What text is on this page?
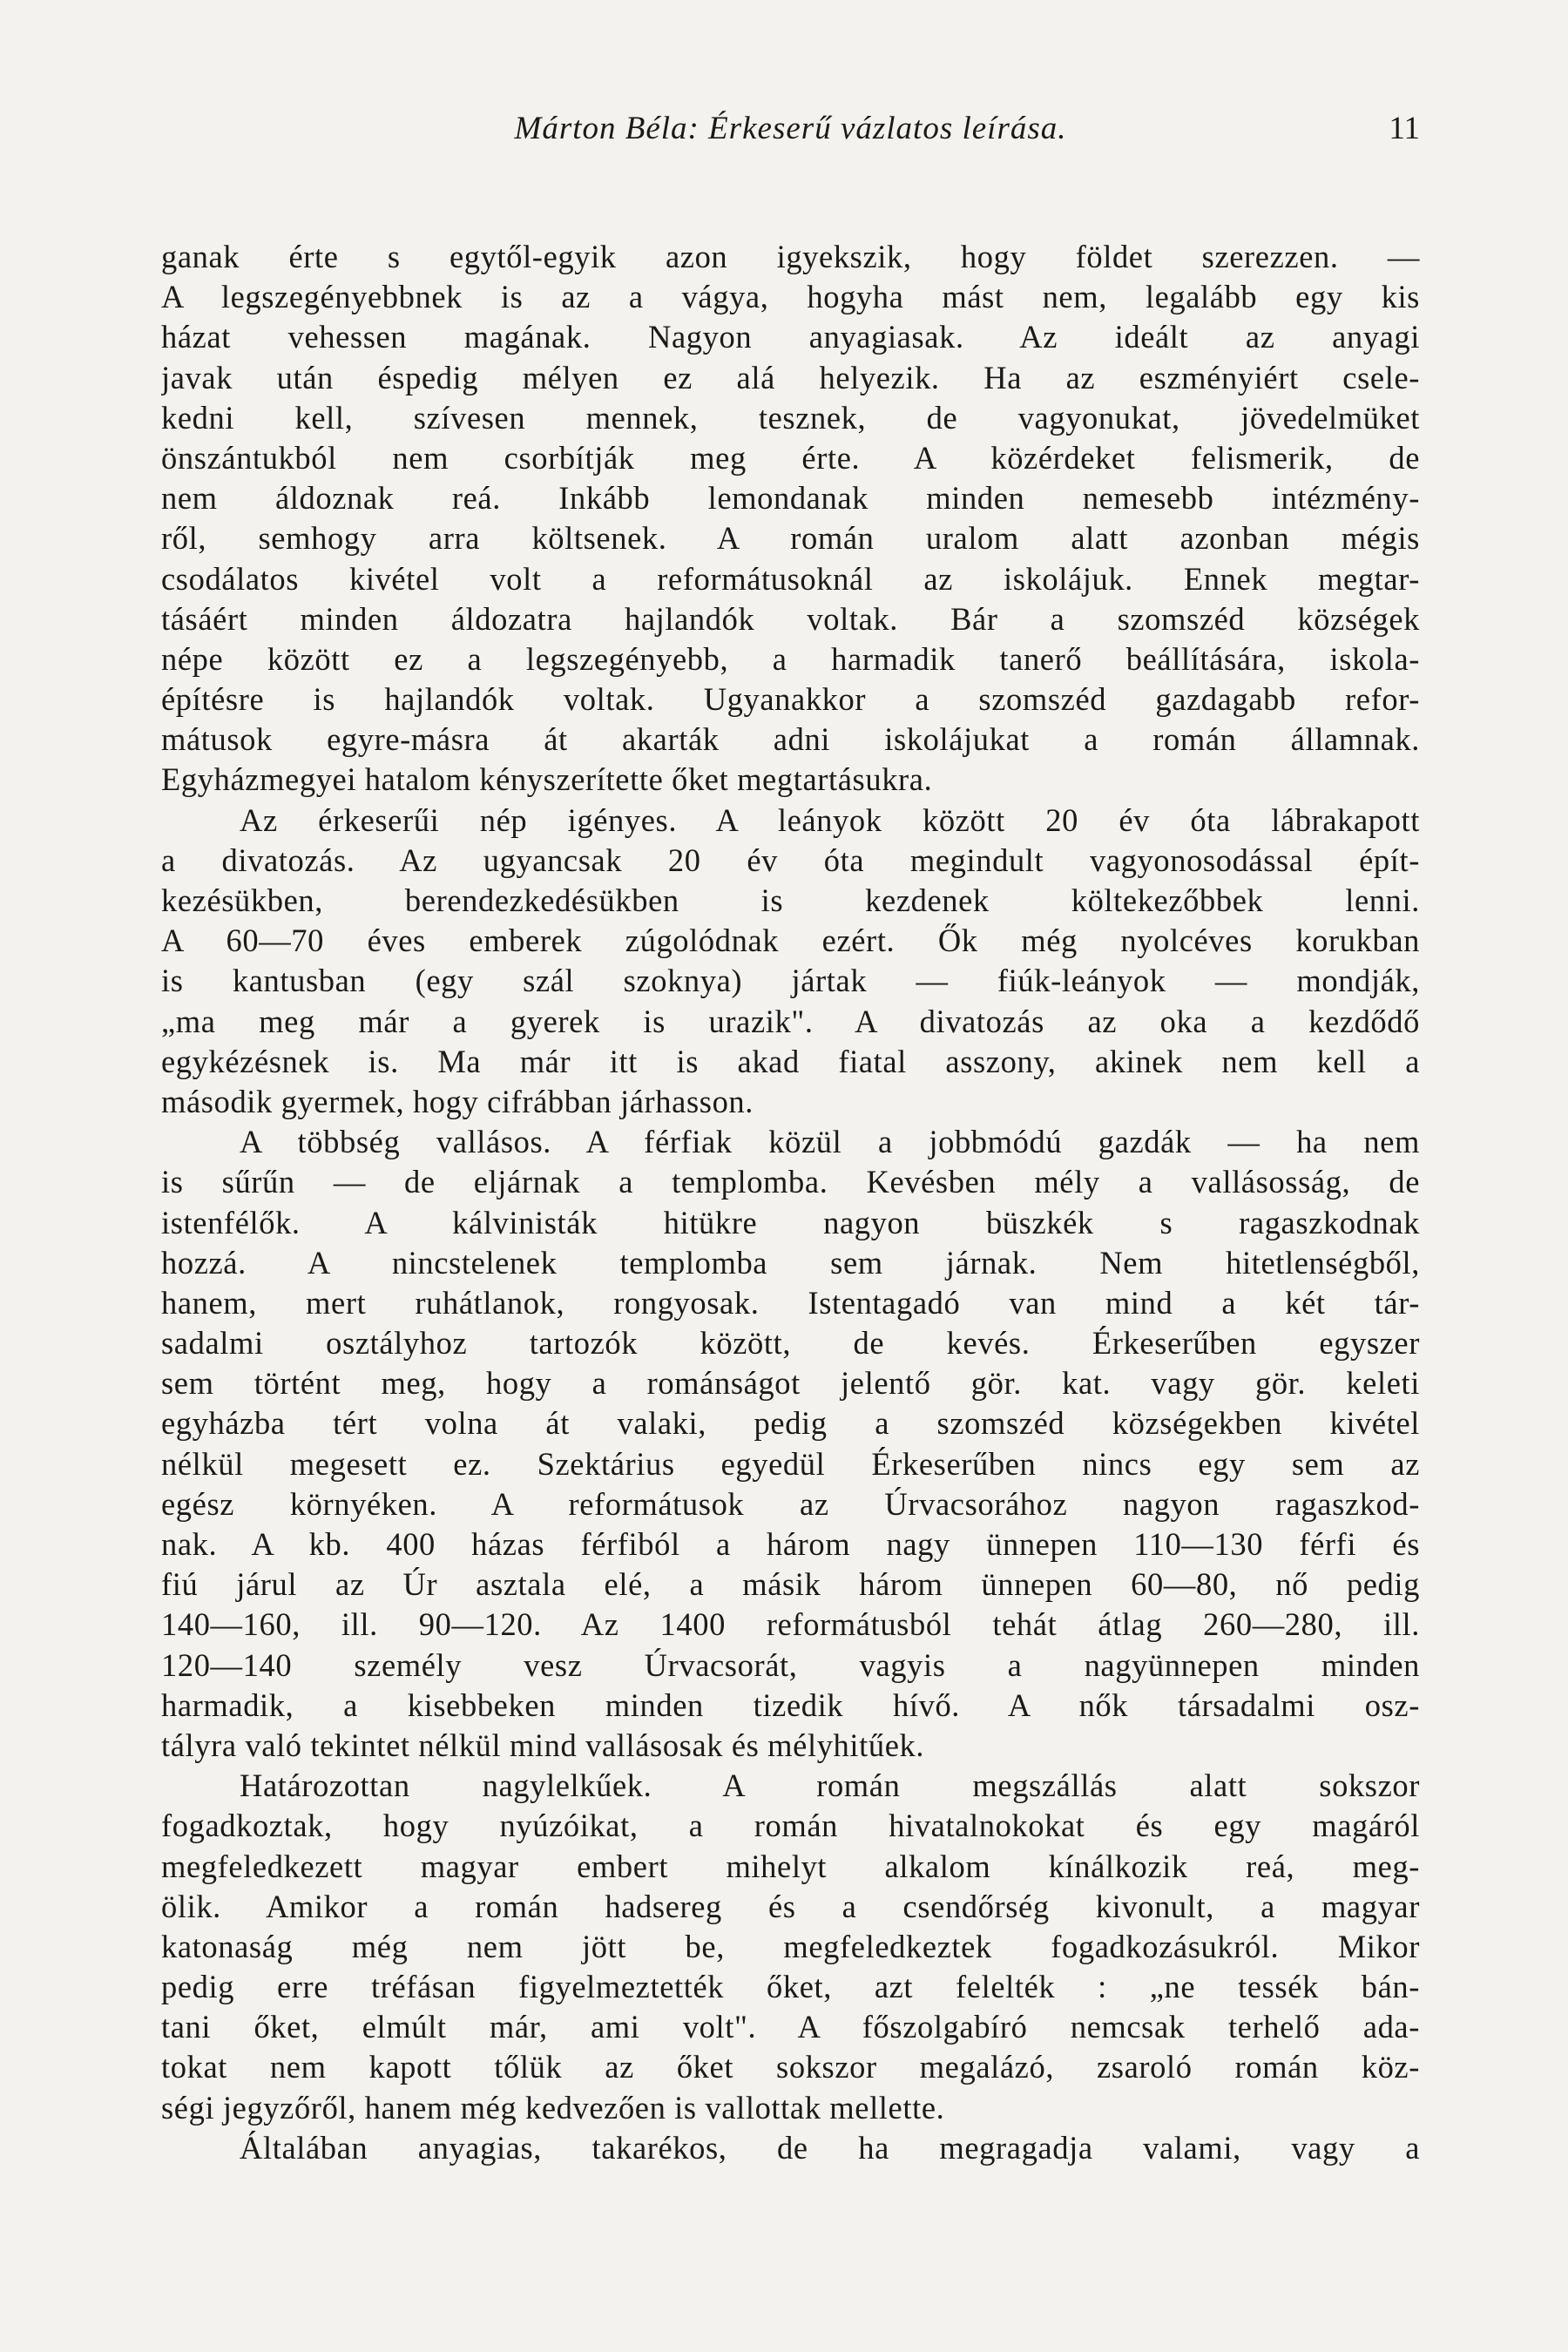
Márton Béla: Érkeserű vázlatos leírása.	11
ganak érte s egytől-egyik azon igyekszik, hogy földet szerezzen. —
A legszegényebbnek is az a vágya, hogyha mást nem, legalább egy kis
házat vehessen magának. Nagyon anyagiasak. Az ideált az anyagi
javak után éspedig mélyen ez alá helyezik. Ha az eszményiért csele-
kedni kell, szívesen mennek, tesznek, de vagyonukat, jövedelmüket
önszántukból nem csorbítják meg érte. A közérdeket felismerik, de
nem áldoznak reá. Inkább lemondanak minden nemesebb intézmény-
ről, semhogy arra költsenek. A román uralom alatt azonban mégis
csodálatos kivétel volt a reformátusoknál az iskolájuk. Ennek megtar-
tásáért minden áldozatra hajlandók voltak. Bár a szomszéd községek
népe között ez a legszegényebb, a harmadik tanerő beállítására, iskola-
építésre is hajlandók voltak. Ugyanakkor a szomszéd gazdagabb refor-
mátusok egyre-másra át akarták adni iskolájukat a román államnak.
Egyházmegyei hatalom kényszerítette őket megtartásukra.
Az érkeserűi nép igényes. A leányok között 20 év óta lábrakapott
a divatozás. Az ugyancsak 20 év óta megindult vagyonosodással épít-
kezésükben, berendezkedésükben is kezdenek költekezőbbek lenni.
A 60—70 éves emberek zúgolódnak ezért. Ők még nyolcéves korukban
is kantusban (egy szál szoknya) jártak — fiúk-leányok — mondják,
„ma meg már a gyerek is urazik". A divatozás az oka a kezdődő
egykézésnek is. Ma már itt is akad fiatal asszony, akinek nem kell a
második gyermek, hogy cifrábban járhasson.
A többség vallásos. A férfiak közül a jobbmódú gazdák — ha nem
is sűrűn — de eljárnak a templomba. Kevésben mély a vallásosság, de
istenfélők. A kálvinisták hitükre nagyon büszkék s ragaszkodnak
hozzá. A nincstelenek templomba sem járnak. Nem hitetlenségből,
hanem, mert ruhátlanok, rongyosak. Istentagadó van mind a két tár-
sadalmi osztályhoz tartozók között, de kevés. Érkeserűben egyszer
sem történt meg, hogy a románságot jelentő gör. kat. vagy gör. keleti
egyházba tért volna át valaki, pedig a szomszéd községekben kivétel
nélkül megesett ez. Szektárius egyedül Érkeserűben nincs egy sem az
egész környéken. A reformátusok az Úrvacsorához nagyon ragaszkod-
nak. A kb. 400 házas férfiból a három nagy ünnepen 110—130 férfi és
fiú járul az Úr asztala elé, a másik három ünnepen 60—80, nő pedig
140—160, ill. 90—120. Az 1400 reformátusból tehát átlag 260—280, ill.
120—140 személy vesz Úrvacsorát, vagyis a nagyünnepen minden
harmadik, a kisebbeken minden tizedik hívő. A nők társadalmi osz-
tályra való tekintet nélkül mind vallásosak és mélyhitűek.
Határozottan nagylelkűek. A román megszállás alatt sokszor
fogadkoztak, hogy nyúzóikat, a román hivatalnokokat és egy magáról
megfeledkezett magyar embert mihelyt alkalom kínálkozik reá, meg-
ölik. Amikor a román hadsereg és a csendőrség kivonult, a magyar
katonaság még nem jött be, megfeledkeztek fogadkozásukról. Mikor
pedig erre tréfásan figyelmeztették őket, azt felelték : „ne tessék bán-
tani őket, elmúlt már, ami volt". A főszolgabíró nemcsak terhelő ada-
tokat nem kapott tőlük az őket sokszor megalázó, zsaroló román köz-
ségi jegyzőről, hanem még kedvezően is vallottak mellette.
Általában anyagias, takarékos, de ha megragadja valami, vagy a
